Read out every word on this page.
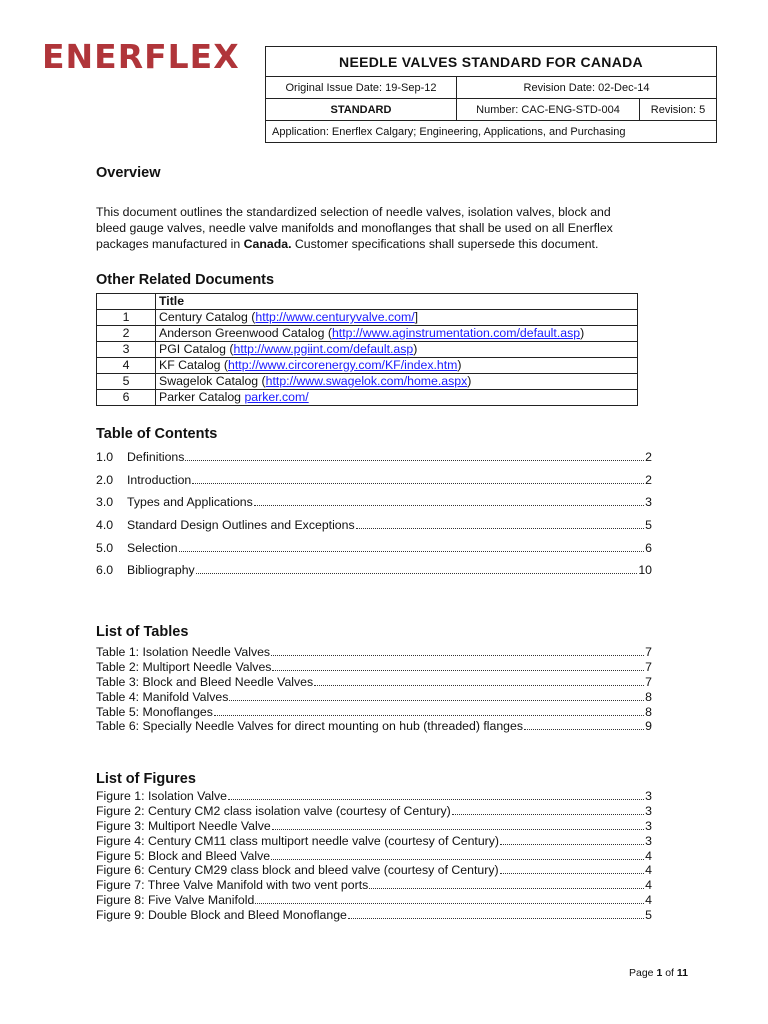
ENERFLEX	NEEDLE VALVES STANDARD FOR CANADA		
Original Issue Date: 19-Sep-12	Revision Date: 02-Dec-14	
STANDARD	Number: CAC-ENG-STD-004	Revision: 5
Application: Enerflex Calgary; Engineering, Applications, and Purchasing		
Overview
This document outlines the standardized selection of needle valves, isolation valves, block and bleed gauge valves, needle valve manifolds and monoflanges that shall be used on all Enerflex packages manufactured in Canada. Customer specifications shall supersede this document.
Other Related Documents
	Title
1	Century Catalog (http://www.centuryvalve.com/]
2	Anderson Greenwood Catalog (http://www.aginstrumentation.com/default.asp)
3	PGI Catalog (http://www.pgiint.com/default.asp)
4	KF Catalog (http://www.circorenergy.com/KF/index.htm)
5	Swagelok Catalog (http://www.swagelok.com/home.aspx)
6	Parker Catalog parker.com/
Table of Contents
1.0	Definitions	2
2.0	Introduction	2
3.0	Types and Applications	3
4.0	Standard Design Outlines and Exceptions	5
5.0	Selection	6
6.0	Bibliography	10
List of Tables
Table 1: Isolation Needle Valves	7
Table 2: Multiport Needle Valves	7
Table 3: Block and Bleed Needle Valves	7
Table 4: Manifold Valves	8
Table 5: Monoflanges	8
Table 6: Specially Needle Valves for direct mounting on hub (threaded) flanges	9
List of Figures
Figure 1: Isolation Valve	3
Figure 2: Century CM2 class isolation valve (courtesy of Century)	3
Figure 3: Multiport Needle Valve	3
Figure 4: Century CM11 class multiport needle valve (courtesy of Century)	3
Figure 5: Block and Bleed Valve	4
Figure 6: Century CM29 class block and bleed valve (courtesy of Century)	4
Figure 7: Three Valve Manifold with two vent ports	4
Figure 8: Five Valve Manifold	4
Figure 9: Double Block and Bleed Monoflange	5
Page 1 of 11
